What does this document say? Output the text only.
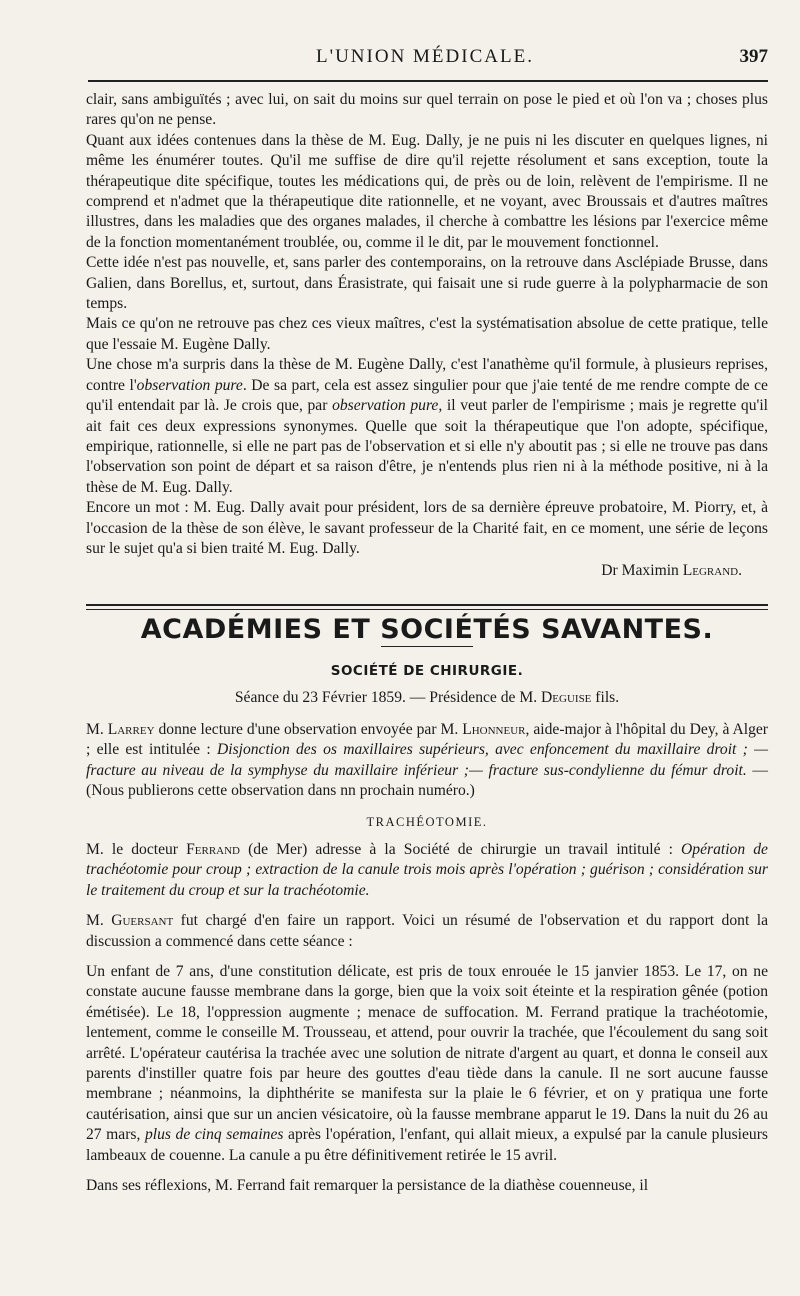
L'UNION MÉDICALE.	397

clair, sans ambiguïtés ; avec lui, on sait du moins sur quel terrain on pose le pied et où l'on va ; choses plus rares qu'on ne pense.

Quant aux idées contenues dans la thèse de M. Eug. Dally, je ne puis ni les discuter en quelques lignes, ni même les énumérer toutes. Qu'il me suffise de dire qu'il rejette résolument et sans exception, toute la thérapeutique dite spécifique, toutes les médications qui, de près ou de loin, relèvent de l'empirisme. Il ne comprend et n'admet que la thérapeutique dite rationnelle, et ne voyant, avec Broussais et d'autres maîtres illustres, dans les maladies que des organes malades, il cherche à combattre les lésions par l'exercice même de la fonction momentanément troublée, ou, comme il le dit, par le mouvement fonctionnel.

Cette idée n'est pas nouvelle, et, sans parler des contemporains, on la retrouve dans Asclépiade Brusse, dans Galien, dans Borellus, et, surtout, dans Érasistrate, qui faisait une si rude guerre à la polypharmacie de son temps.

Mais ce qu'on ne retrouve pas chez ces vieux maîtres, c'est la systématisation absolue de cette pratique, telle que l'essaie M. Eugène Dally.

Une chose m'a surpris dans la thèse de M. Eugène Dally, c'est l'anathème qu'il formule, à plusieurs reprises, contre l'observation pure. De sa part, cela est assez singulier pour que j'aie tenté de me rendre compte de ce qu'il entendait par là. Je crois que, par observation pure, il veut parler de l'empirisme ; mais je regrette qu'il ait fait ces deux expressions synonymes. Quelle que soit la thérapeutique que l'on adopte, spécifique, empirique, rationnelle, si elle ne part pas de l'observation et si elle n'y aboutit pas ; si elle ne trouve pas dans l'observation son point de départ et sa raison d'être, je n'entends plus rien ni à la méthode positive, ni à la thèse de M. Eug. Dally.

Encore un mot : M. Eug. Dally avait pour président, lors de sa dernière épreuve probatoire, M. Piorry, et, à l'occasion de la thèse de son élève, le savant professeur de la Charité fait, en ce moment, une série de leçons sur le sujet qu'a si bien traité M. Eug. Dally.

Dr Maximin Legrand.

ACADÉMIES ET SOCIÉTÉS SAVANTES.
SOCIÉTÉ DE CHIRURGIE.

Séance du 23 Février 1859. — Présidence de M. Deguise fils.

M. Larrey donne lecture d'une observation envoyée par M. Lhonneur, aide-major à l'hôpital du Dey, à Alger ; elle est intitulée : Disjonction des os maxillaires supérieurs, avec enfoncement du maxillaire droit ; — fracture au niveau de la symphyse du maxillaire inférieur ;— fracture sus-condylienne du fémur droit. — (Nous publierons cette observation dans nn prochain numéro.)

TRACHÉOTOMIE.

M. le docteur Ferrand (de Mer) adresse à la Société de chirurgie un travail intitulé : Opération de trachéotomie pour croup ; extraction de la canule trois mois après l'opération ; guérison ; considération sur le traitement du croup et sur la trachéotomie.

M. Guersant fut chargé d'en faire un rapport. Voici un résumé de l'observation et du rapport dont la discussion a commencé dans cette séance :

Un enfant de 7 ans, d'une constitution délicate, est pris de toux enrouée le 15 janvier 1853. Le 17, on ne constate aucune fausse membrane dans la gorge, bien que la voix soit éteinte et la respiration gênée (potion émétisée). Le 18, l'oppression augmente ; menace de suffocation. M. Ferrand pratique la trachéotomie, lentement, comme le conseille M. Trousseau, et attend, pour ouvrir la trachée, que l'écoulement du sang soit arrêté. L'opérateur cautérisa la trachée avec une solution de nitrate d'argent au quart, et donna le conseil aux parents d'instiller quatre fois par heure des gouttes d'eau tiède dans la canule. Il ne sort aucune fausse membrane ; néanmoins, la diphthérite se manifesta sur la plaie le 6 février, et on y pratiqua une forte cautérisation, ainsi que sur un ancien vésicatoire, où la fausse membrane apparut le 19. Dans la nuit du 26 au 27 mars, plus de cinq semaines après l'opération, l'enfant, qui allait mieux, a expulsé par la canule plusieurs lambeaux de couenne. La canule a pu être définitivement retirée le 15 avril.

Dans ses réflexions, M. Ferrand fait remarquer la persistance de la diathèse couenneuse, il
